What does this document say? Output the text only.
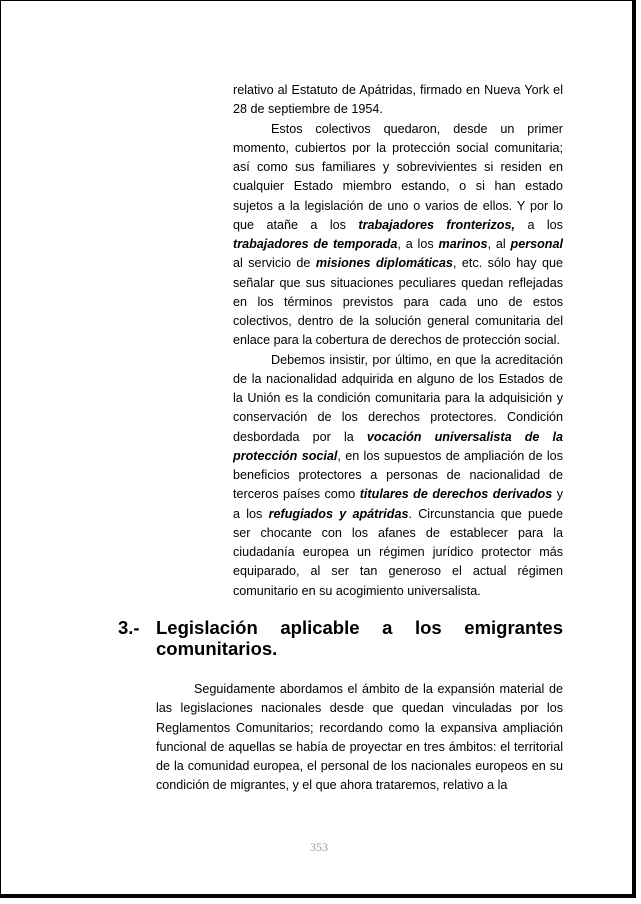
relativo al Estatuto de Apátridas, firmado en Nueva York el 28 de septiembre de 1954.

Estos colectivos quedaron, desde un primer momento, cubiertos por la protección social comunitaria; así como sus familiares y sobrevivientes si residen en cualquier Estado miembro estando, o si han estado sujetos a la legislación de uno o varios de ellos. Y por lo que atañe a los trabajadores fronterizos, a los trabajadores de temporada, a los marinos, al personal al servicio de misiones diplomáticas, etc. sólo hay que señalar que sus situaciones peculiares quedan reflejadas en los términos previstos para cada uno de estos colectivos, dentro de la solución general comunitaria del enlace para la cobertura de derechos de protección social.

Debemos insistir, por último, en que la acreditación de la nacionalidad adquirida en alguno de los Estados de la Unión es la condición comunitaria para la adquisición y conservación de los derechos protectores. Condición desbordada por la vocación universalista de la protección social, en los supuestos de ampliación de los beneficios protectores a personas de nacionalidad de terceros países como titulares de derechos derivados y a los refugiados y apátridas. Circunstancia que puede ser chocante con los afanes de establecer para la ciudadanía europea un régimen jurídico protector más equiparado, al ser tan generoso el actual régimen comunitario en su acogimiento universalista.

3.- Legislación aplicable a los emigrantes
comunitarios.

Seguidamente abordamos el ámbito de la expansión material de las legislaciones nacionales desde que quedan vinculadas por los Reglamentos Comunitarios; recordando como la expansiva ampliación funcional de aquellas se había de proyectar en tres ámbitos: el territorial de la comunidad europea, el personal de los nacionales europeos en su condición de migrantes, y el que ahora trataremos, relativo a la

353
